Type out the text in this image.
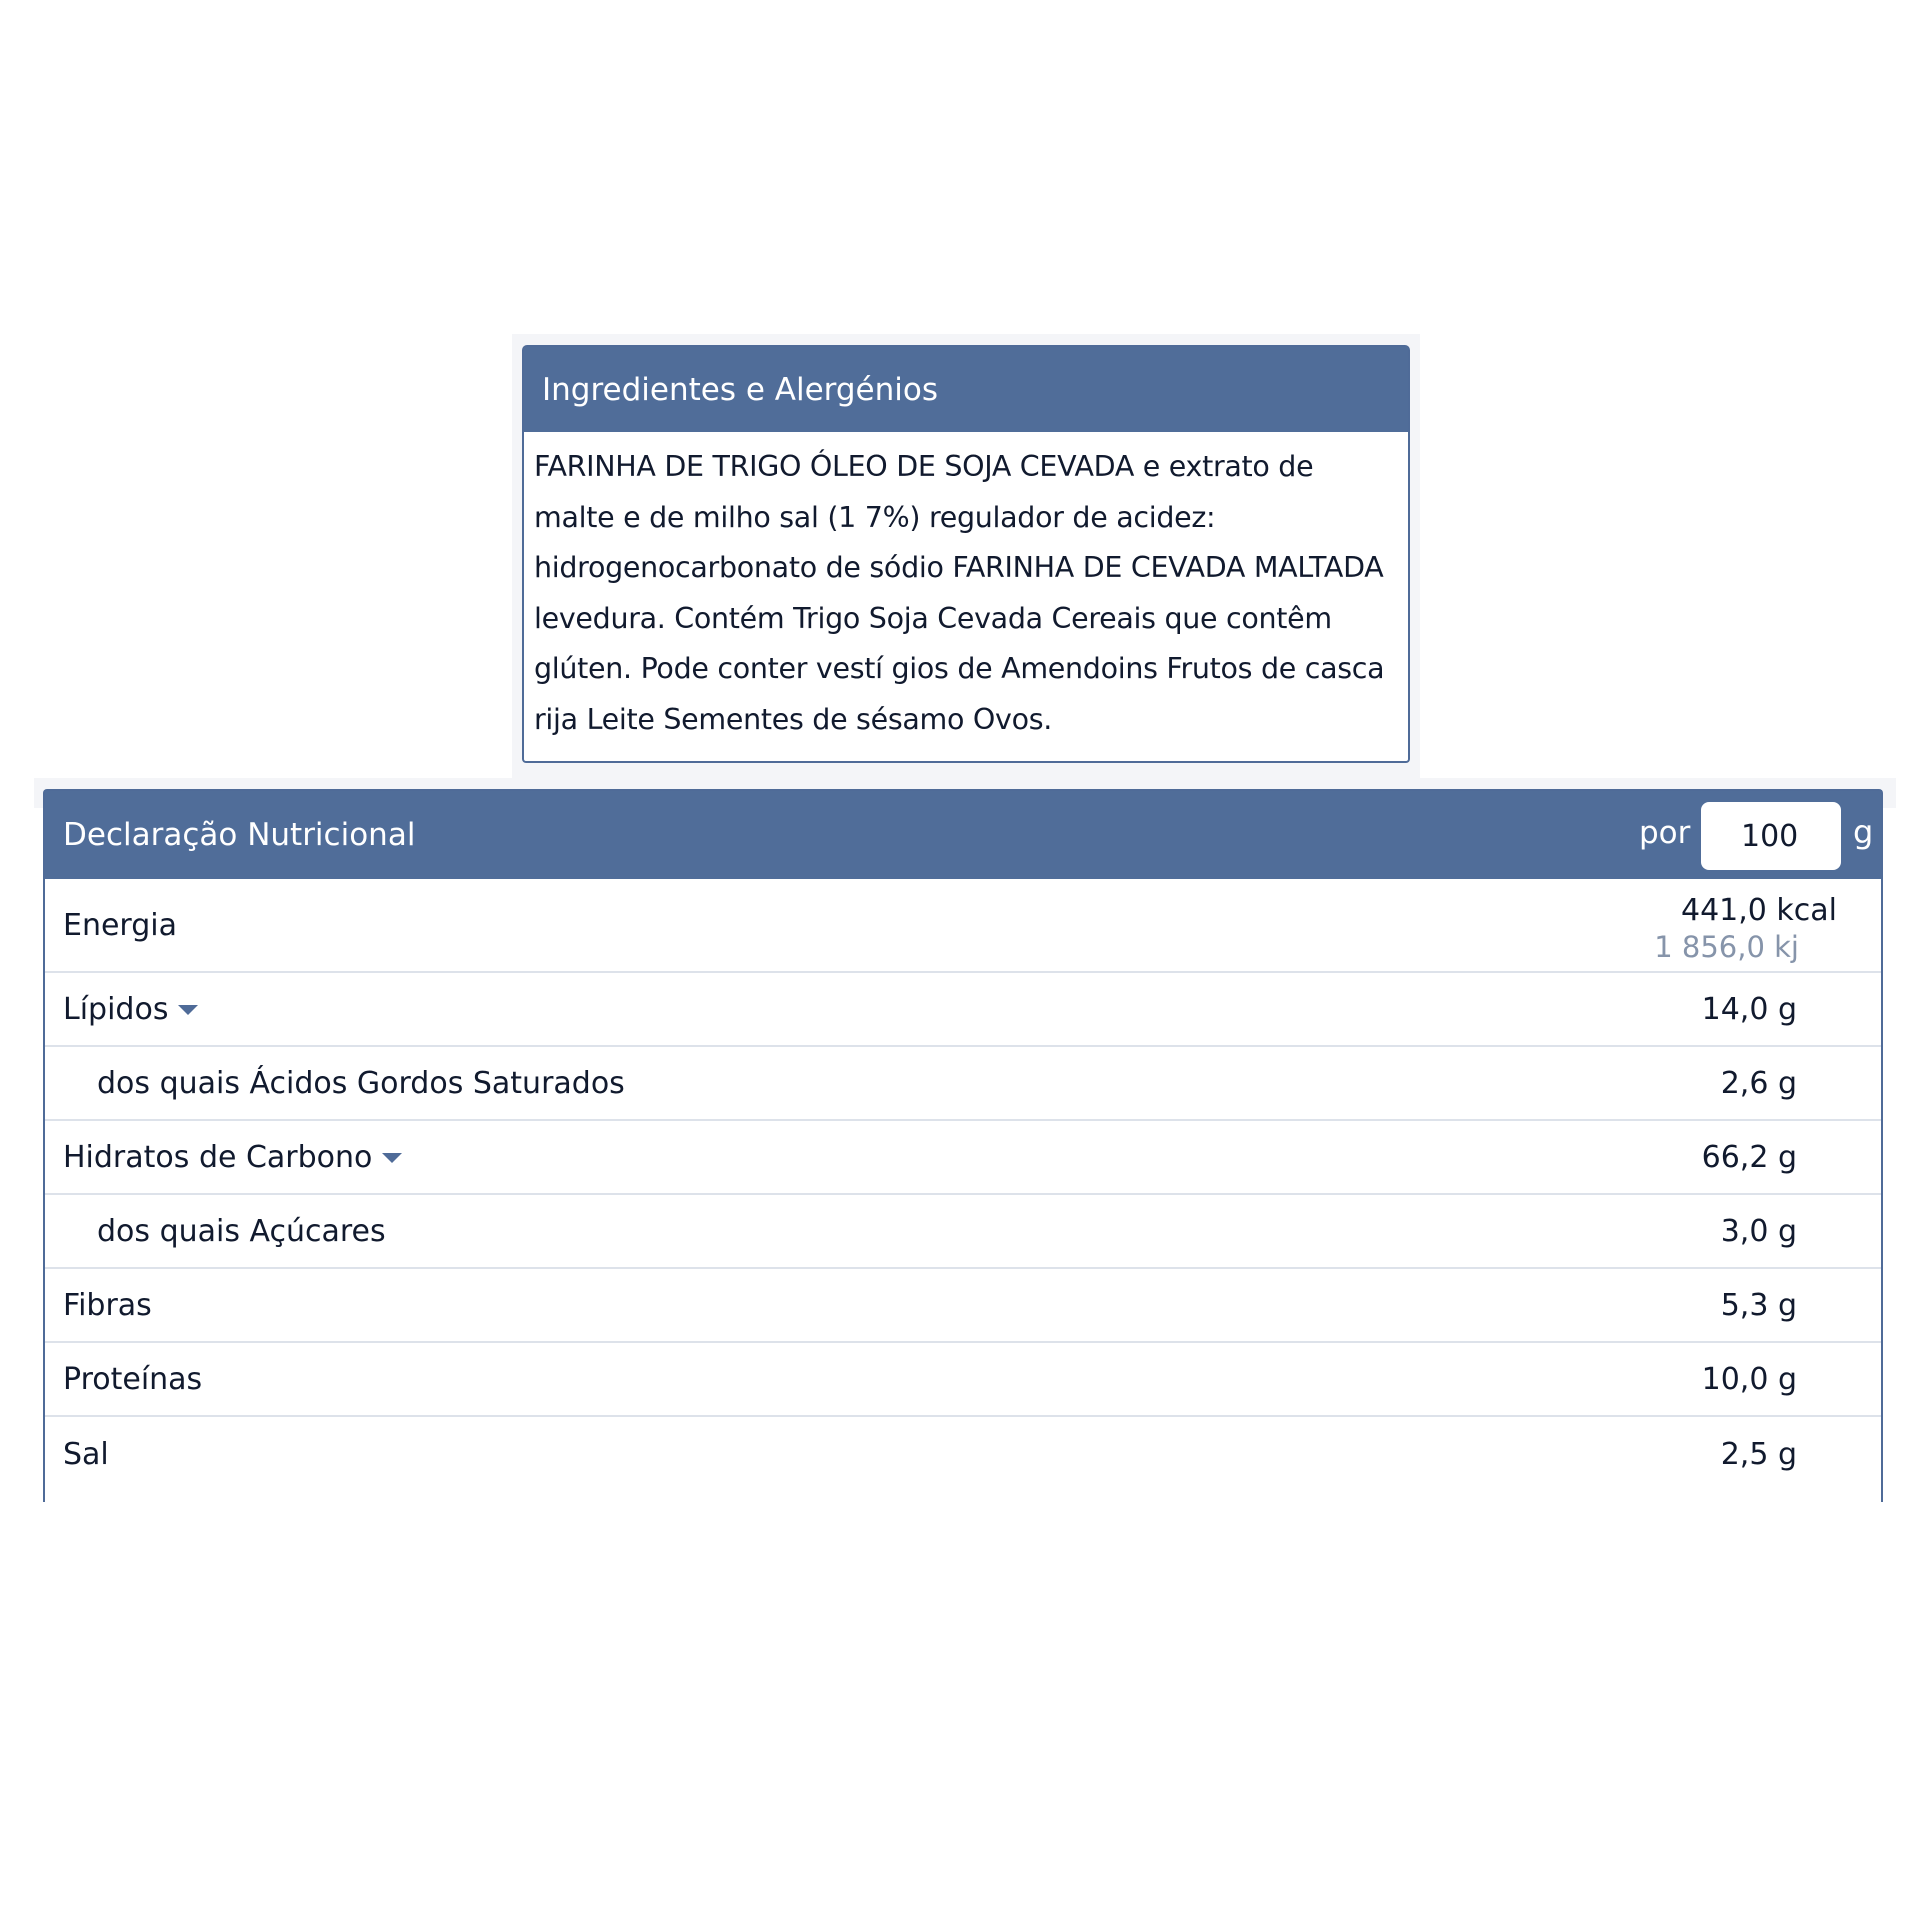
Ingredientes e Alergénios
FARINHA DE TRIGO ÓLEO DE SOJA CEVADA e extrato de
malte e de milho sal (1 7%) regulador de acidez:
hidrogenocarbonato de sódio FARINHA DE CEVADA MALTADA
levedura. Contém Trigo Soja Cevada Cereais que contêm
glúten. Pode conter vestí gios de Amendoins Frutos de casca
rija Leite Sementes de sésamo Ovos.
Declaração Nutricional	por
100	g
Energia	441,0 kcal
1 856,0 kj
Lípidos	14,0 g
dos quais Ácidos Gordos Saturados	2,6 g
Hidratos de Carbono	66,2 g
dos quais Açúcares	3,0 g
Fibras	5,3 g
Proteínas	10,0 g
Sal	2,5 g
